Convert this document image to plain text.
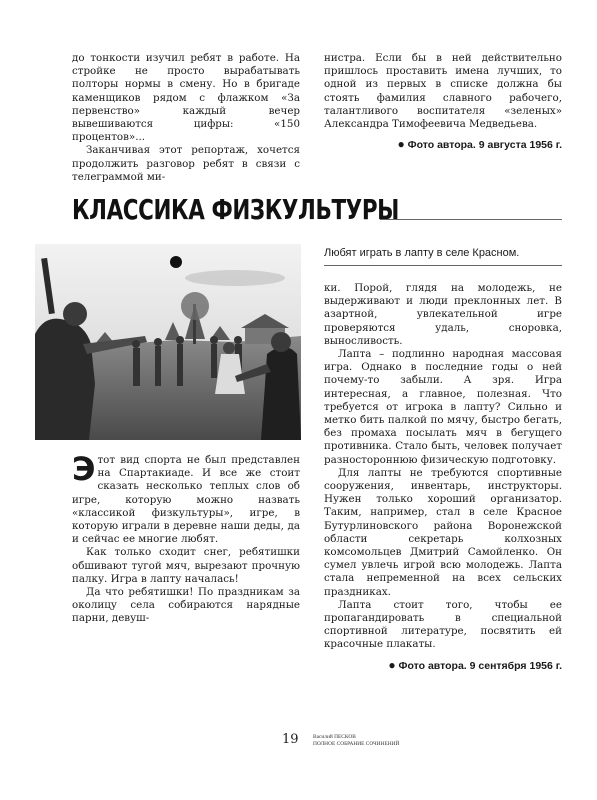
до тонкости изучил ребят в работе. На стройке не просто вырабатывать полторы нормы в смену. Но в бригаде каменщиков рядом с флажком «За первенство» каждый вечер вывешиваются цифры: «150 процентов»...

Заканчивая этот репортаж, хочется продолжить разговор ребят в связи с телеграммой ми-

нистра. Если бы в ней действительно пришлось проставить имена лучших, то одной из первых в списке должна бы стоять фамилия славного рабочего, талантливого воспитателя «зеленых» Александра Тимофеевича Медведьева.

● Фото автора. 9 августа 1956 г.

КЛАССИКА ФИЗКУЛЬТУРЫ
Любят играть в лапту в селе Красном.

Этот вид спорта не был представлен на Спартакиаде. И все же стоит сказать несколько теплых слов об игре, которую можно назвать «классикой физкультуры», игре, в которую играли в деревне наши деды, да и сейчас ее многие любят.

Как только сходит снег, ребятишки обшивают тугой мяч, вырезают прочную палку. Игра в лапту началась!

Да что ребятишки! По праздникам за околицу села собираются нарядные парни, девуш-

ки. Порой, глядя на молодежь, не выдерживают и люди преклонных лет. В азартной, увлекательной игре проверяются удаль, сноровка, выносливость.

Лапта – подлинно народная массовая игра. Однако в последние годы о ней почему-то забыли. А зря. Игра интересная, а главное, полезная. Что требуется от игрока в лапту? Сильно и метко бить палкой по мячу, быстро бегать, без промаха посылать мяч в бегущего противника. Стало быть, человек получает разностороннюю физическую подготовку.

Для лапты не требуются спортивные сооружения, инвентарь, инструкторы. Нужен только хороший организатор. Таким, например, стал в селе Красное Бутурлиновского района Воронежской области секретарь колхозных комсомольцев Дмитрий Самойленко. Он сумел увлечь игрой всю молодежь. Лапта стала непременной на всех сельских праздниках.

Лапта стоит того, чтобы ее пропагандировать в специальной спортивной литературе, посвятить ей красочные плакаты.

● Фото автора. 9 сентября 1956 г.

19	Василий ПЕСКОВ
ПОЛНОЕ СОБРАНИЕ СОЧИНЕНИЙ
